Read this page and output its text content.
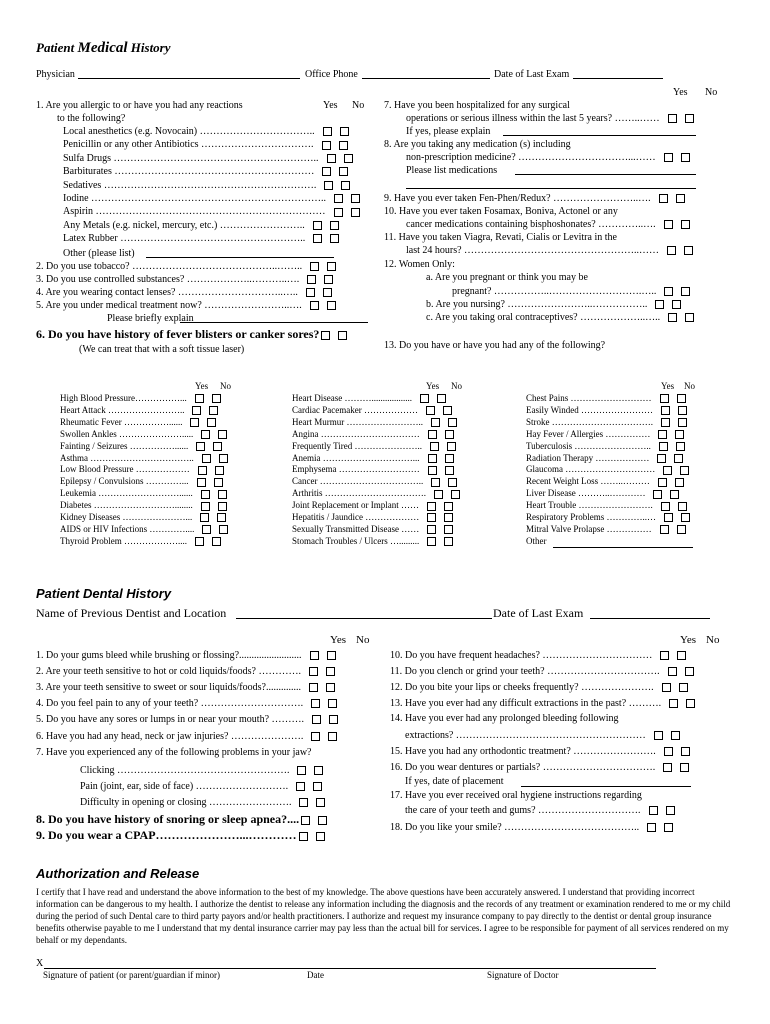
Patient Medical History
Physician	Office Phone	Date of Last Exam
Yes No
Yes No
1. Are you allergic to or have you had any reactions
to the following?
Local anesthetics (e.g. Novocain) ……………………………..
Penicillin or any other Antibiotics …………………………….
Sulfa Drugs ……………………………………………………..
Barbiturates ……………………………………………………
Sedatives ……………………………………………………….
Iodine ……………………………………………………………..
Aspirin ……………………………………………………………
Any Metals (e.g. nickel, mercury, etc.) ……………………..
Latex Rubber ………………………………………………..
Other (please list)
2. Do you use tobacco? ……………………………………..……..
3. Do you use controlled substances? ………………..………..….
4. Are you wearing contact lenses? …………………………..…..
5. Are you under medical treatment now? ……………………..….
Please briefly explain
6. Do you have history of fever blisters or canker sores?
(We can treat that with a soft tissue laser)
7. Have you been hospitalized for any surgical
operations or serious illness within the last 5 years? ……..……
If yes, please explain
8. Are you taking any medication (s) including
non-prescription medicine? ……………………………...……
Please list medications
9. Have you ever taken Fen-Phen/Redux? ……………………..….
10. Have you ever taken Fosamax, Boniva, Actonel or any
cancer medications containing bisphoshonates? …………..….
11. Have you taken Viagra, Revati, Cialis or Levitra in the
last 24 hours? ……………………………………………..……
12. Women Only:
a. Are you pregnant or think you may be
pregnant? ……………..……………………….…..
b. Are you nursing? ……………………..……………..
c. Are you taking oral contraceptives? ………………..…..
13. Do you have or have you had any of the following?
Yes No	Yes No	Yes No
High Blood Pressure……………...
Heart Attack ……………………..
Rheumatic Fever ……………......
Swollen Ankles ………………….....
Fainting / Seizures ……………......
Asthma ……………………………..
Low Blood Pressure ………………
Epilepsy / Convulsions …………...
Leukemia ………………………......
Diabetes ………………………........
Kidney Diseases …………………...
AIDS or HIV Infections …………....
Thyroid Problem ………………....
Heart Disease ………..................
Cardiac Pacemaker ………………
Heart Murmur ……………………..
Angina ……………………………
Frequently Tired …………………..
Anemia …………………………...
Emphysema ………………………
Cancer ……………………………..
Arthritis …………………………….
Joint Replacement or Implant ……
Hepatitis / Jaundice ………………
Sexually Transmitted Disease ……
Stomach Troubles / Ulcers ….........
Chest Pains ………………………
Easily Winded ……………………
Stroke …………………………….
Hay Fever / Allergies ……………
Tuberculosis ……………………..
Radiation Therapy ………………
Glaucoma …………………………
Recent Weight Loss ……..………
Liver Disease ………..…………
Heart Trouble …………………….
Respiratory Problems …………..…
Mitral Valve Prolapse ……………
Other
Patient Dental History
Name of Previous Dentist and Location	Date of Last Exam
Yes No	Yes No
1. Do your gums bleed while brushing or flossing?.........................
2. Are your teeth sensitive to hot or cold liquids/foods? ………….
3. Are your teeth sensitive to sweet or sour liquids/foods?..............
4. Do you feel pain to any of your teeth? ………………………….
5. Do you have any sores or lumps in or near your mouth? ……….
6. Have you had any head, neck or jaw injuries? ………………….
7. Have you experienced any of the following problems in your jaw?
Clicking …………………………………………….
Pain (joint, ear, side of face) ……………………….
Difficulty in opening or closing …………………….
8. Do you have history of snoring or sleep apnea?....
9. Do you wear a CPAP…………………...…………
10. Do you have frequent headaches? ……………………………
11. Do you clench or grind your teeth? …………………………….
12. Do you bite your lips or cheeks frequently? ………………….
13. Have you ever had any difficult extractions in the past? ……….
14. Have you ever had any prolonged bleeding following
extractions? …………………………………………………
15. Have you had any orthodontic treatment? …………………….
16. Do you wear dentures or partials? …………………………….
If yes, date of placement
17. Have you ever received oral hygiene instructions regarding
the care of your teeth and gums? ………………………….
18. Do you like your smile? …………………………………..
Authorization and Release
I certify that I have read and understand the above information to the best of my knowledge. The above questions have been accurately answered. I understand that providing incorrect information can be dangerous to my health. I authorize the dentist to release any information including the diagnosis and the records of any treatment or examination rendered to me or my child during the period of such Dental care to third party payors and/or health practitioners. I authorize and request my insurance company to pay directly to the dentist or dental group insurance benefits otherwise payable to me I understand that my dental insurance carrier may pay less than the actual bill for services. I agree to be responsible for payment of all services rendered on my behalf or my dependants.
X
Signature of patient (or parent/guardian if minor)	Date	Signature of Doctor
